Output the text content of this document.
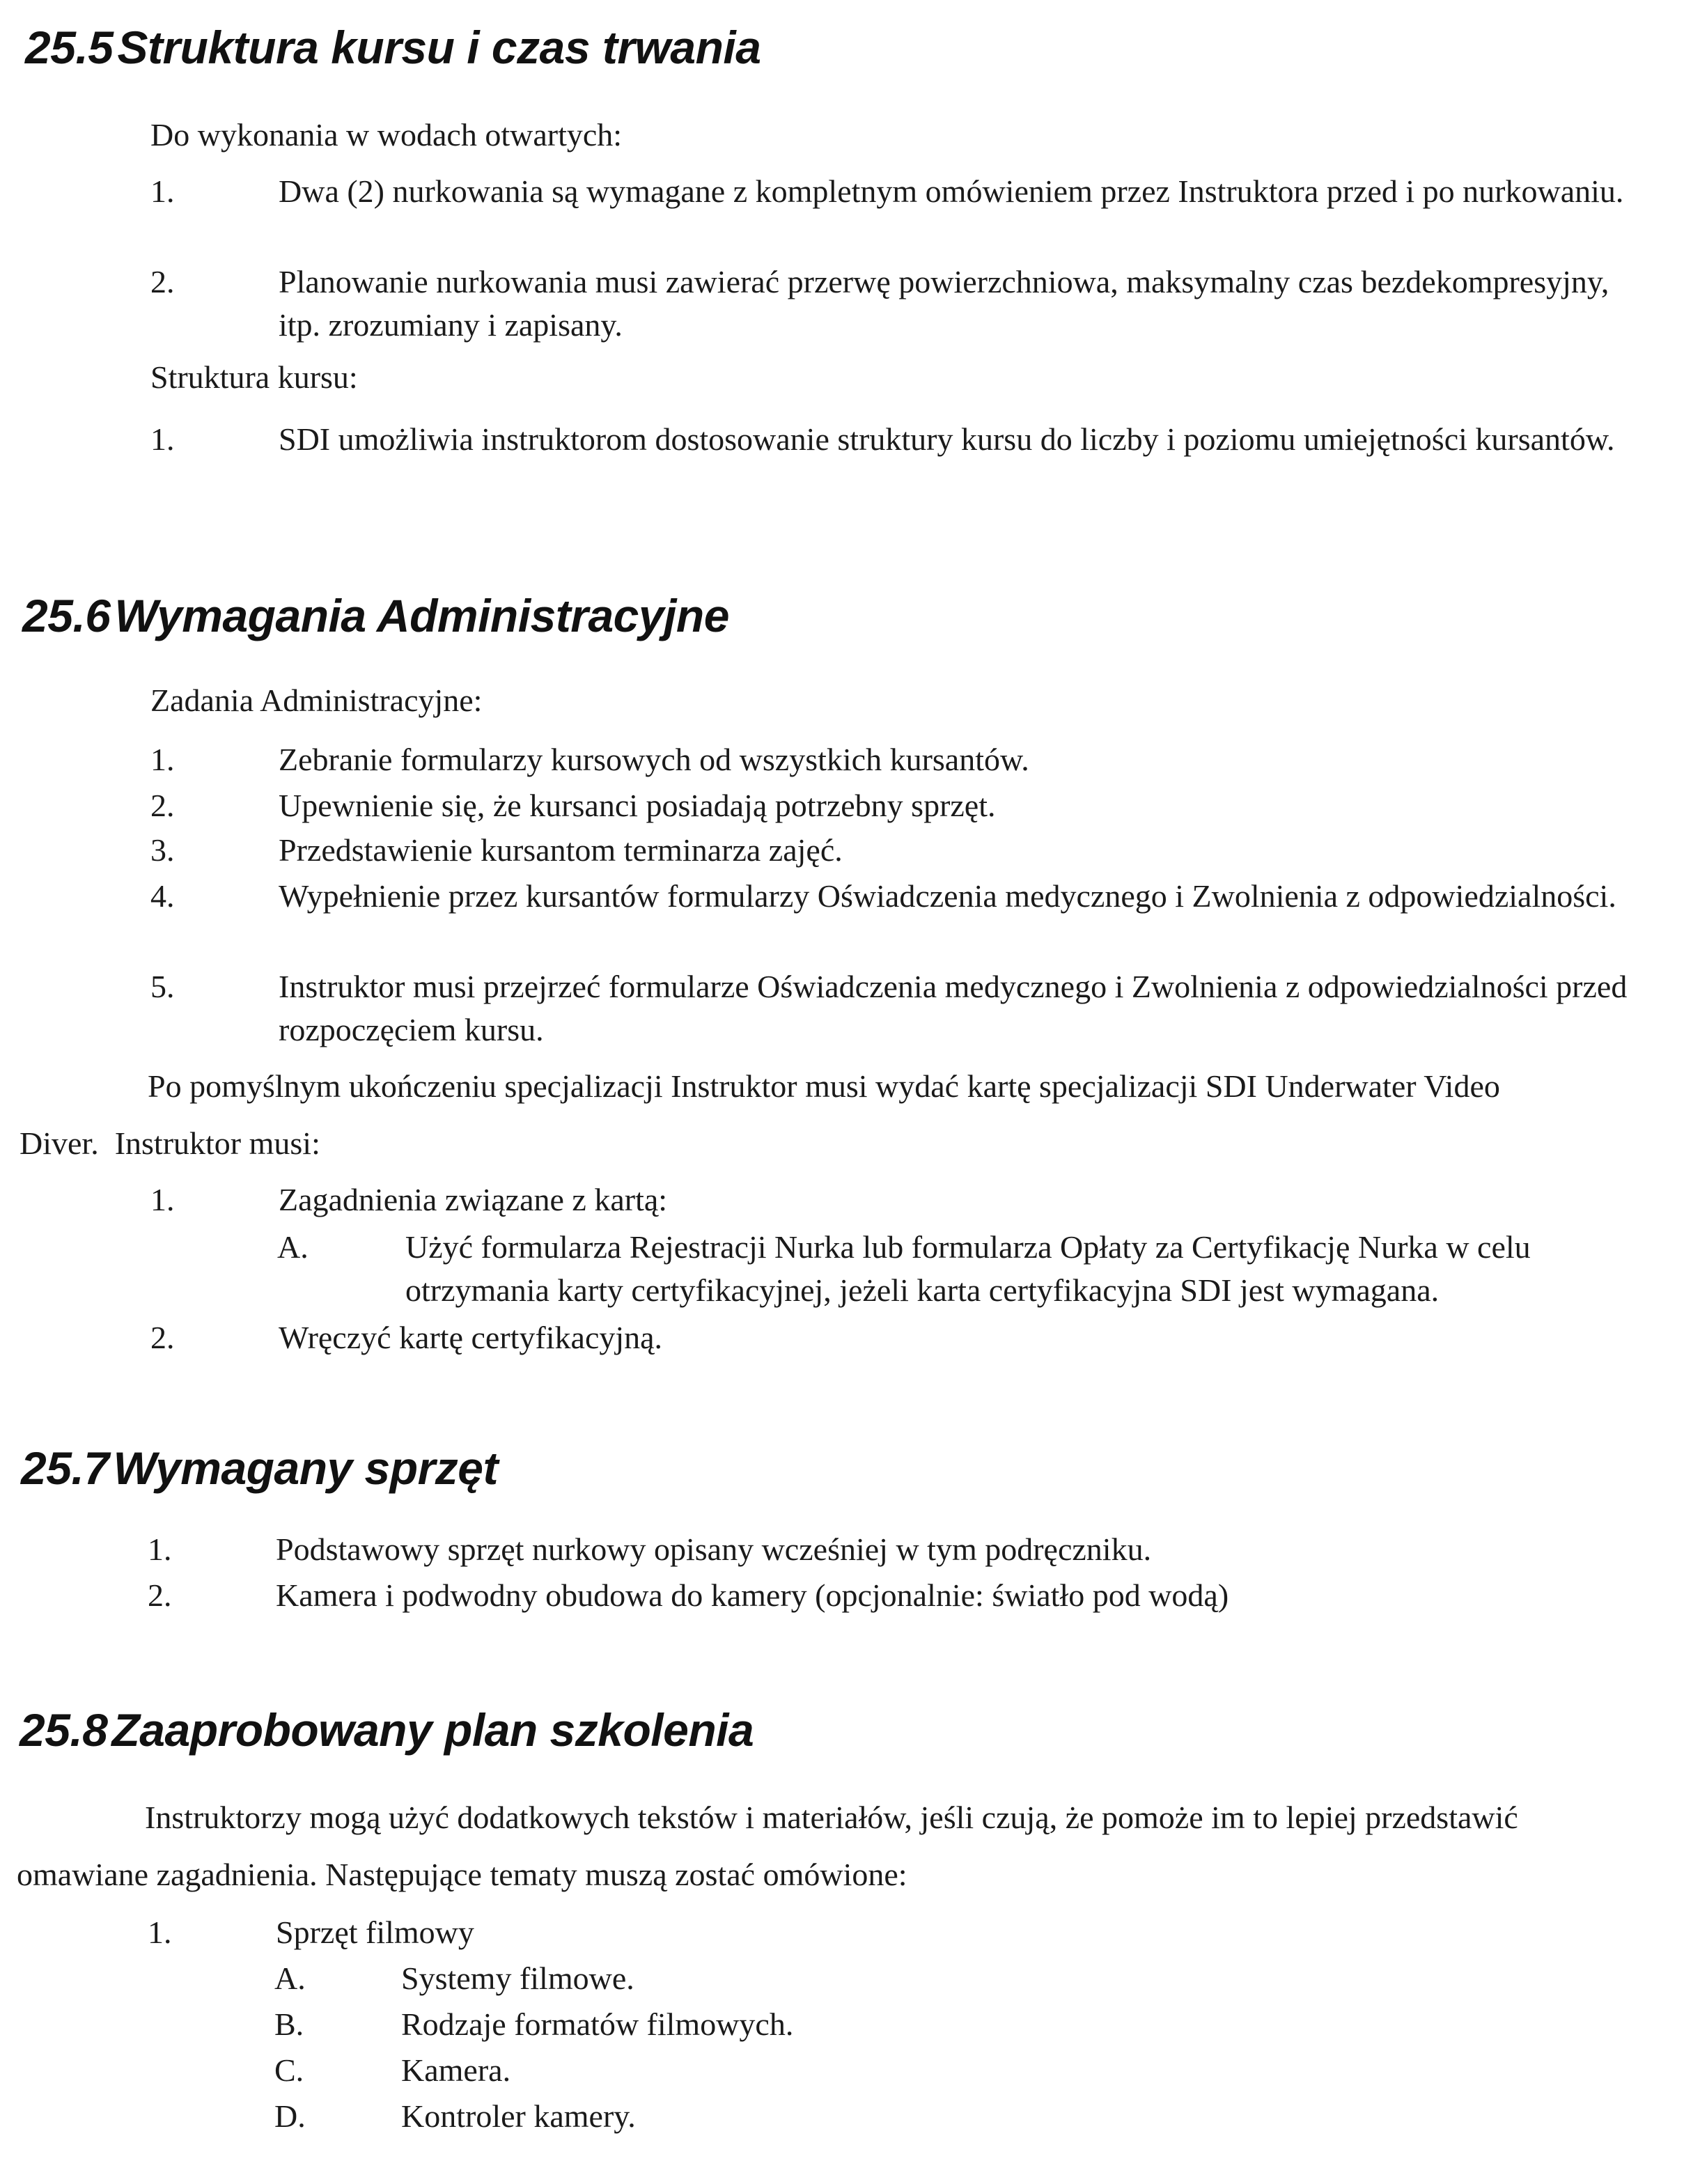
25.5Struktura kursu i czas trwania
Do wykonania w wodach otwartych:
1.	Dwa (2) nurkowania są wymagane z kompletnym omówieniem przez Instruktora przed i po nurkowaniu.
2.	Planowanie nurkowania musi zawierać przerwę powierzchniowa, maksymalny czas bezdekompresyjny, itp. zrozumiany i zapisany.
Struktura kursu:
1.	SDI umożliwia instruktorom dostosowanie struktury kursu do liczby i poziomu umiejętności kursantów.
25.6Wymagania Administracyjne
Zadania Administracyjne:
1.	Zebranie formularzy kursowych od wszystkich kursantów.
2.	Upewnienie się, że kursanci posiadają potrzebny sprzęt.
3.	Przedstawienie kursantom terminarza zajęć.
4.	Wypełnienie przez kursantów formularzy Oświadczenia medycznego i Zwolnienia z odpowiedzialności.
5.	Instruktor musi przejrzeć formularze Oświadczenia medycznego i Zwolnienia z odpowiedzialności przed rozpoczęciem kursu.
Po pomyślnym ukończeniu specjalizacji Instruktor musi wydać kartę specjalizacji SDI Underwater Video
Diver.  Instruktor musi:
1.	Zagadnienia związane z kartą:
A.	Użyć formularza Rejestracji Nurka lub formularza Opłaty za Certyfikację Nurka w celu otrzymania karty certyfikacyjnej, jeżeli karta certyfikacyjna SDI jest wymagana.
2.	Wręczyć kartę certyfikacyjną.
25.7Wymagany sprzęt
1.	Podstawowy sprzęt nurkowy opisany wcześniej w tym podręczniku.
2.	Kamera i podwodny obudowa do kamery (opcjonalnie: światło pod wodą)
25.8Zaaprobowany plan szkolenia
Instruktorzy mogą użyć dodatkowych tekstów i materiałów, jeśli czują, że pomoże im to lepiej przedstawić
omawiane zagadnienia. Następujące tematy muszą zostać omówione:
1.	Sprzęt filmowy
A.	Systemy filmowe.
B.	Rodzaje formatów filmowych.
C.	Kamera.
D.	Kontroler kamery.
